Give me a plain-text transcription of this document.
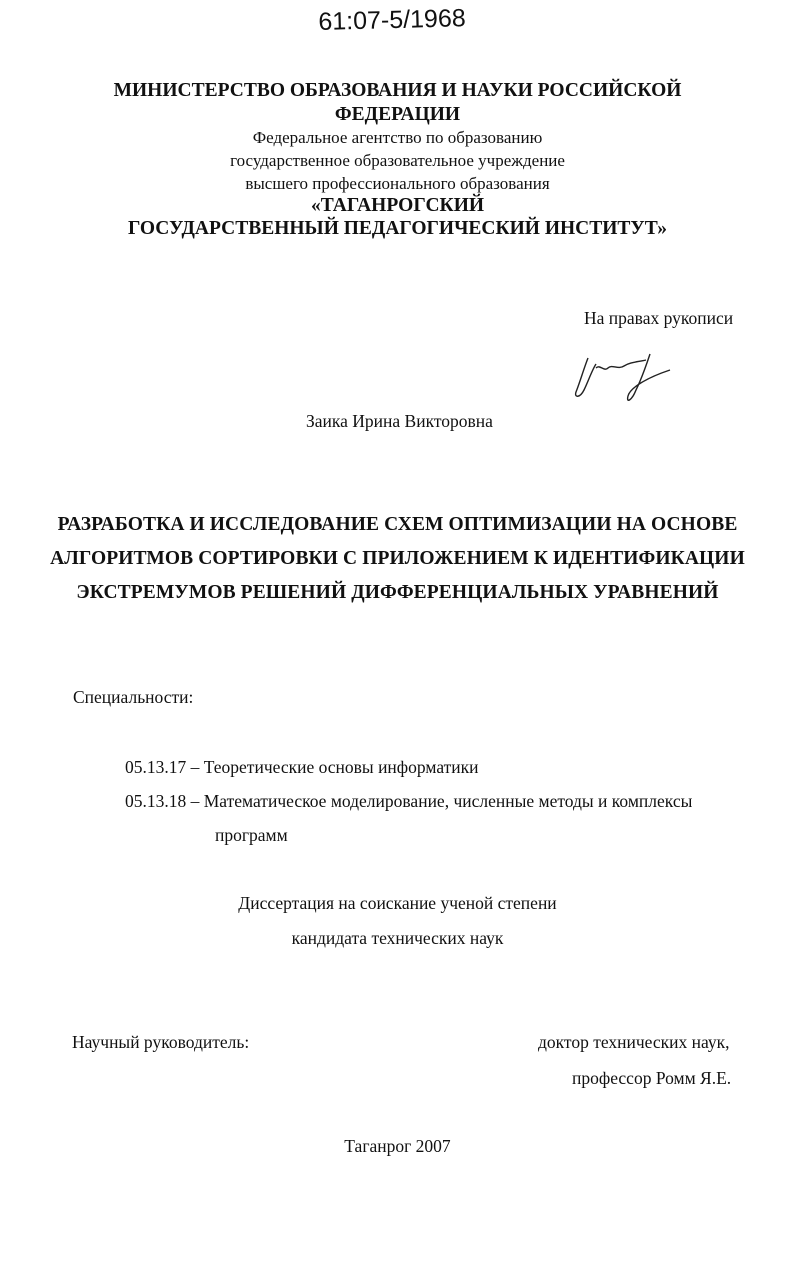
61:07-5/1968
МИНИСТЕРСТВО ОБРАЗОВАНИЯ И НАУКИ РОССИЙСКОЙ
ФЕДЕРАЦИИ
Федеральное агентство по образованию
государственное образовательное учреждение
высшего профессионального образования
«ТАГАНРОГСКИЙ
ГОСУДАРСТВЕННЫЙ ПЕДАГОГИЧЕСКИЙ ИНСТИТУТ»
На правах рукописи
Заика Ирина Викторовна
РАЗРАБОТКА И ИССЛЕДОВАНИЕ СХЕМ ОПТИМИЗАЦИИ НА ОСНОВЕ
АЛГОРИТМОВ СОРТИРОВКИ С ПРИЛОЖЕНИЕМ К ИДЕНТИФИКАЦИИ
ЭКСТРЕМУМОВ РЕШЕНИЙ ДИФФЕРЕНЦИАЛЬНЫХ УРАВНЕНИЙ
Специальности:
05.13.17 – Теоретические основы информатики
05.13.18 – Математическое моделирование, численные методы и комплексы
программ
Диссертация на соискание ученой степени
кандидата технических наук
Научный руководитель:	доктор технических наук,
профессор Ромм Я.Е.
Таганрог 2007
